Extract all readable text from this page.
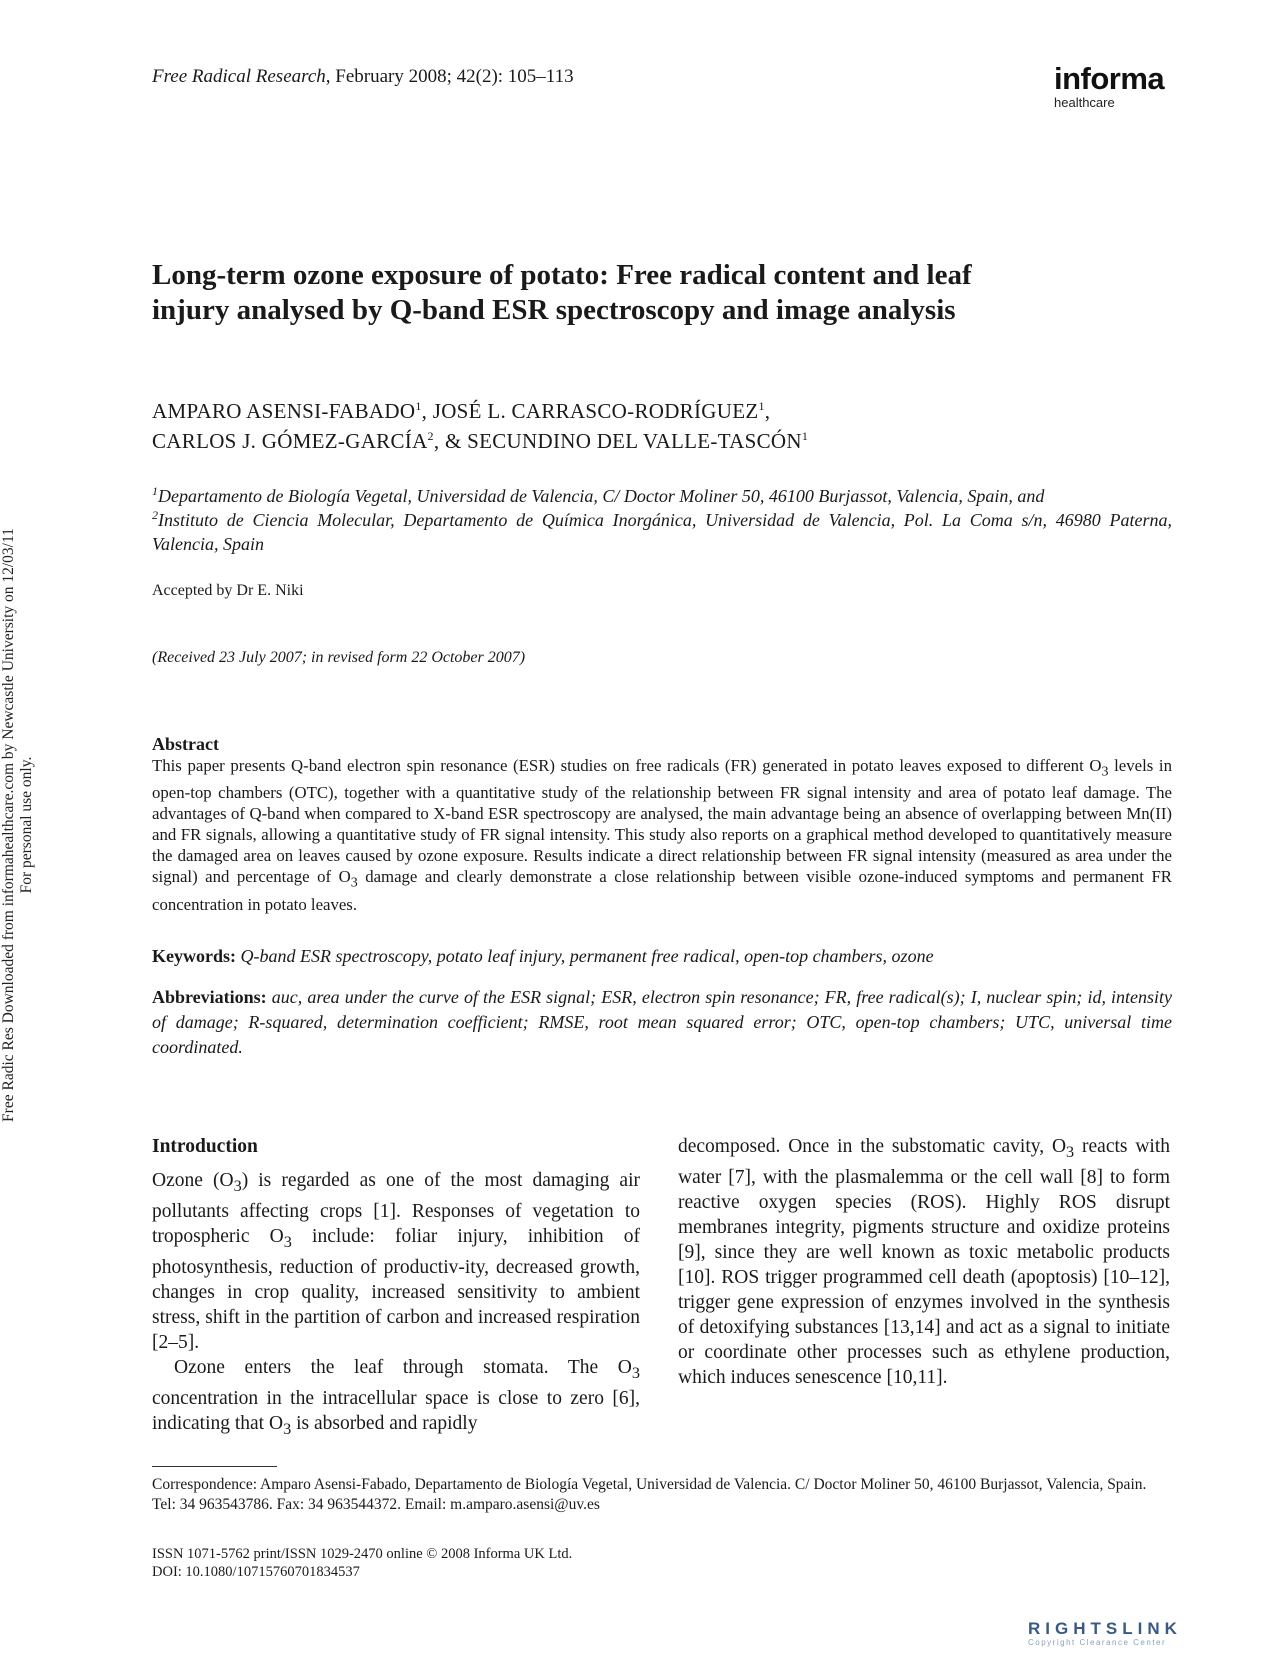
Free Radical Research, February 2008; 42(2): 105–113	informa
healthcare
Long-term ozone exposure of potato: Free radical content and leaf
injury analysed by Q-band ESR spectroscopy and image analysis
AMPARO ASENSI-FABADO$^1$, JOSÉ L. CARRASCO-RODRÍGUEZ$^1$,
CARLOS J. GÓMEZ-GARCÍA$^2$, & SECUNDINO DEL VALLE-TASCÓN$^1$
$^1$Departamento de Biología Vegetal, Universidad de Valencia, C/ Doctor Moliner 50, 46100 Burjassot, Valencia, Spain, and
$^2$Instituto de Ciencia Molecular, Departamento de Química Inorgánica, Universidad de Valencia, Pol. La Coma s/n, 46980 Paterna, Valencia, Spain
Accepted by Dr E. Niki
(Received 23 July 2007; in revised form 22 October 2007)
Abstract
This paper presents Q-band electron spin resonance (ESR) studies on free radicals (FR) generated in potato leaves exposed to different $O_3$ levels in open-top chambers (OTC), together with a quantitative study of the relationship between FR signal intensity and area of potato leaf damage. The advantages of Q-band when compared to X-band ESR spectroscopy are analysed, the main advantage being an absence of overlapping between Mn(II) and FR signals, allowing a quantitative study of FR signal intensity. This study also reports on a graphical method developed to quantitatively measure the damaged area on leaves caused by ozone exposure. Results indicate a direct relationship between FR signal intensity (measured as area under the signal) and percentage of $O_3$ damage and clearly demonstrate a close relationship between visible ozone-induced symptoms and permanent FR concentration in potato leaves.
Keywords: Q-band ESR spectroscopy, potato leaf injury, permanent free radical, open-top chambers, ozone
Abbreviations: auc, area under the curve of the ESR signal; ESR, electron spin resonance; FR, free radical(s); I, nuclear spin; id, intensity of damage; R-squared, determination coefficient; RMSE, root mean squared error; OTC, open-top chambers; UTC, universal time coordinated.
Introduction

Ozone $(O_3)$ is regarded as one of the most damaging air pollutants affecting crops [1]. Responses of vegetation to tropospheric $O_3$ include: foliar injury, inhibition of photosynthesis, reduction of productiv-ity, decreased growth, changes in crop quality, increased sensitivity to ambient stress, shift in the partition of carbon and increased respiration [2–5].

Ozone enters the leaf through stomata. The $O_3$ concentration in the intracellular space is close to zero [6], indicating that $O_3$ is absorbed and rapidly

decomposed. Once in the substomatic cavity, $O_3$ reacts with water [7], with the plasmalemma or the cell wall [8] to form reactive oxygen species (ROS). Highly ROS disrupt membranes integrity, pigments structure and oxidize proteins [9], since they are well known as toxic metabolic products [10]. ROS trigger programmed cell death (apoptosis) [10–12], trigger gene expression of enzymes involved in the synthesis of detoxifying substances [13,14] and act as a signal to initiate or coordinate other processes such as ethylene production, which induces senescence [10,11].

Correspondence: Amparo Asensi-Fabado, Departamento de Biología Vegetal, Universidad de Valencia. C/ Doctor Moliner 50, 46100 Burjassot, Valencia, Spain. Tel: 34 963543786. Fax: 34 963544372. Email: m.amparo.asensi@uv.es
ISSN 1071-5762 print/ISSN 1029-2470 online © 2008 Informa UK Ltd.
DOI: 10.1080/10715760701834537
Free Radic Res Downloaded from informahealthcare.com by Newcastle University on 12/03/11 For personal use only.
RIGHTSLINK
Copyright Clearance Center
